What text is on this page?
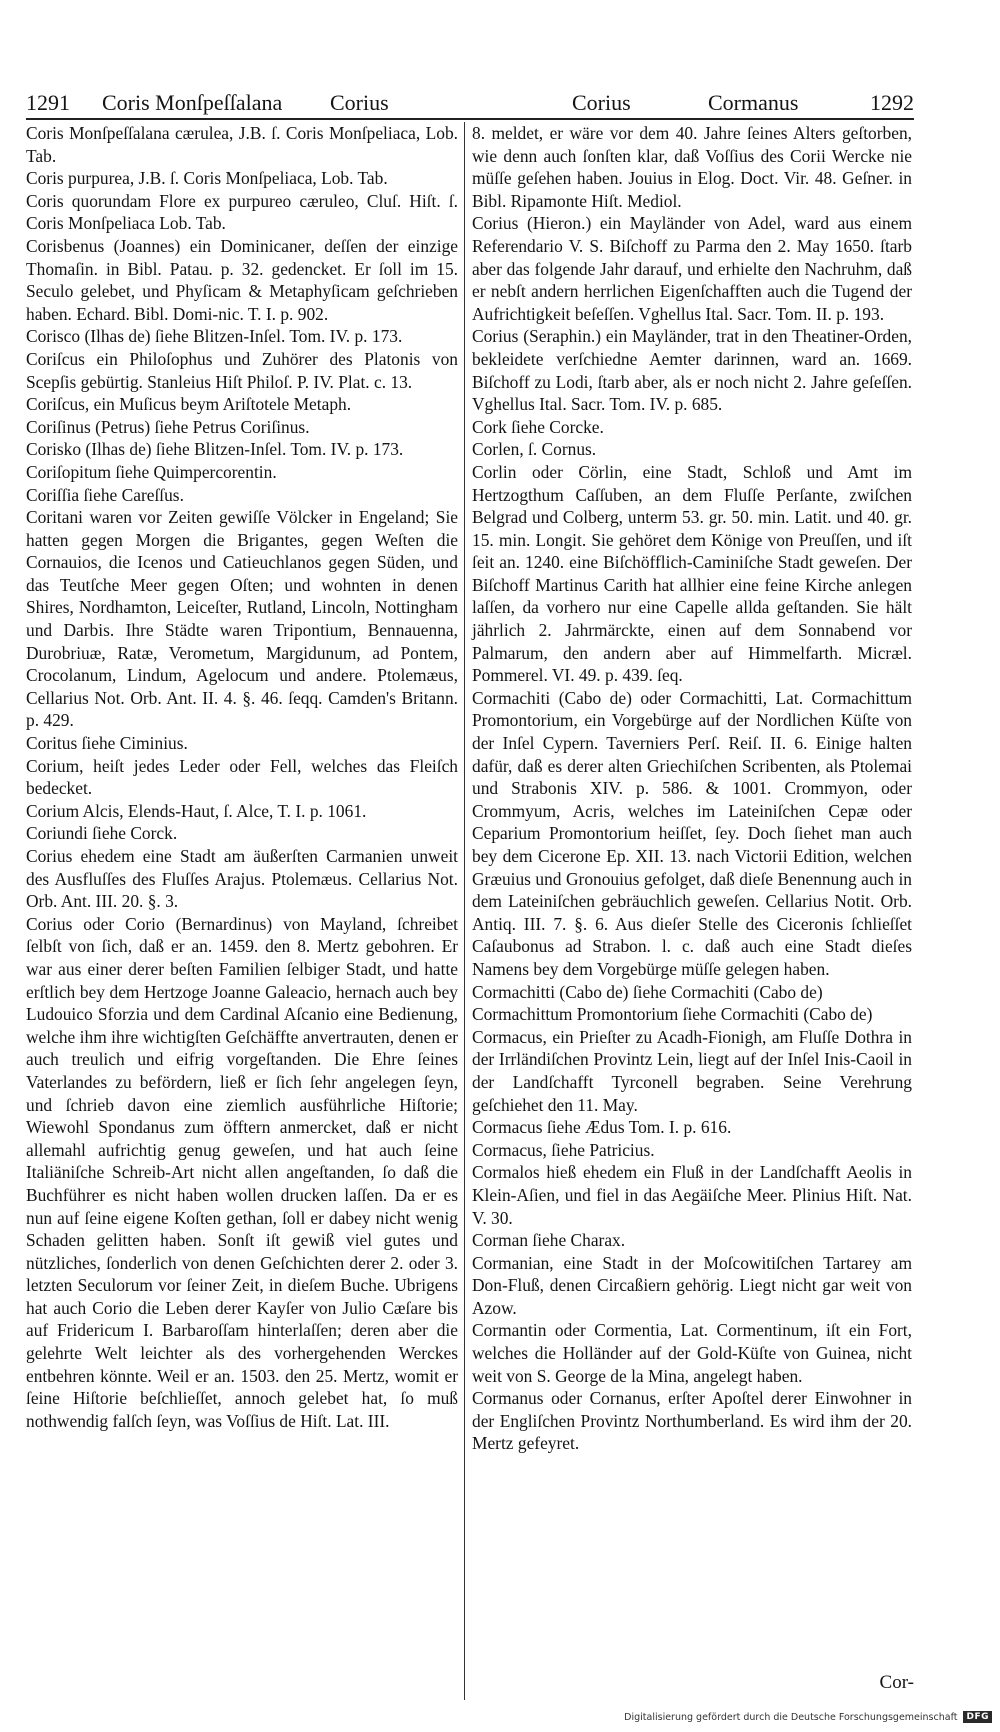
1291 Coris Monſpeſſalana Corius	Corius	Cormanus	1292

Coris Monſpeſſalana cærulea, J.B. ſ. Coris Monſpeliaca, Lob. Tab.

Coris purpurea, J.B. ſ. Coris Monſpeliaca, Lob. Tab.

Coris quorundam Flore ex purpureo cæruleo, Cluſ. Hiſt. ſ. Coris Monſpeliaca Lob. Tab.

Corisbenus (Joannes) ein Dominicaner, deſſen der einzige Thomaſin. in Bibl. Patau. p. 32. gedencket. Er ſoll im 15. Seculo gelebet, und Phyſicam & Metaphyſicam geſchrieben haben. Echard. Bibl. Domi-nic. T. I. p. 902.

Corisco (Ilhas de) ſiehe Blitzen-Inſel. Tom. IV. p. 173.

Coriſcus ein Philoſophus und Zuhörer des Platonis von Scepſis gebürtig. Stanleius Hiſt Philoſ. P. IV. Plat. c. 13.

Coriſcus, ein Muſicus beym Ariſtotele Metaph.

Coriſinus (Petrus) ſiehe Petrus Coriſinus.

Corisko (Ilhas de) ſiehe Blitzen-Inſel. Tom. IV. p. 173.

Coriſopitum ſiehe Quimpercorentin.

Coriſſia ſiehe Careſſus.

Coritani waren vor Zeiten gewiſſe Völcker in Engeland; Sie hatten gegen Morgen die Brigantes, gegen Weſten die Cornauios, die Icenos und Catieuchlanos gegen Süden, und das Teutſche Meer gegen Oſten; und wohnten in denen Shires, Nordhamton, Leiceſter, Rutland, Lincoln, Nottingham und Darbis. Ihre Städte waren Tripontium, Bennauenna, Durobriuæ, Ratæ, Verometum, Margidunum, ad Pontem, Crocolanum, Lindum, Agelocum und andere. Ptolemæus, Cellarius Not. Orb. Ant. II. 4. §. 46. ſeqq. Camden's Britann. p. 429.

Coritus ſiehe Ciminius.

Corium, heiſt jedes Leder oder Fell, welches das Fleiſch bedecket.

Corium Alcis, Elends-Haut, ſ. Alce, T. I. p. 1061.

Coriundi ſiehe Corck.

Corius ehedem eine Stadt am äußerſten Carmanien unweit des Ausfluſſes des Fluſſes Arajus. Ptolemæus. Cellarius Not. Orb. Ant. III. 20. §. 3.

Corius oder Corio (Bernardinus) von Mayland, ſchreibet ſelbſt von ſich, daß er an. 1459. den 8. Mertz gebohren. Er war aus einer derer beſten Familien ſelbiger Stadt, und hatte erſtlich bey dem Hertzoge Joanne Galeacio, hernach auch bey Ludouico Sforzia und dem Cardinal Aſcanio eine Bedienung, welche ihm ihre wichtigſten Geſchäffte anvertrauten, denen er auch treulich und eifrig vorgeſtanden. Die Ehre ſeines Vaterlandes zu befördern, ließ er ſich ſehr angelegen ſeyn, und ſchrieb davon eine ziemlich ausführliche Hiſtorie; Wiewohl Spondanus zum öfftern anmercket, daß er nicht allemahl aufrichtig genug geweſen, und hat auch ſeine Italiäniſche Schreib-Art nicht allen angeſtanden, ſo daß die Buchführer es nicht haben wollen drucken laſſen. Da er es nun auf ſeine eigene Koſten gethan, ſoll er dabey nicht wenig Schaden gelitten haben. Sonſt iſt gewiß viel gutes und nützliches, ſonderlich von denen Geſchichten derer 2. oder 3. letzten Seculorum vor ſeiner Zeit, in dieſem Buche. Ubrigens hat auch Corio die Leben derer Kayſer von Julio Cæſare bis auf Fridericum I. Barbaroſſam hinterlaſſen; deren aber die gelehrte Welt leichter als des vorhergehenden Werckes entbehren könnte. Weil er an. 1503. den 25. Mertz, womit er ſeine Hiſtorie beſchlieſſet, annoch gelebet hat, ſo muß nothwendig falſch ſeyn, was Voſſius de Hiſt. Lat. III.

8. meldet, er wäre vor dem 40. Jahre ſeines Alters geſtorben, wie denn auch ſonſten klar, daß Voſſius des Corii Wercke nie müſſe geſehen haben. Jouius in Elog. Doct. Vir. 48. Geſner. in Bibl. Ripamonte Hiſt. Mediol.

Corius (Hieron.) ein Mayländer von Adel, ward aus einem Referendario V. S. Biſchoff zu Parma den 2. May 1650. ſtarb aber das folgende Jahr darauf, und erhielte den Nachruhm, daß er nebſt andern herrlichen Eigenſchafften auch die Tugend der Aufrichtigkeit beſeſſen. Vghellus Ital. Sacr. Tom. II. p. 193.

Corius (Seraphin.) ein Mayländer, trat in den Theatiner-Orden, bekleidete verſchiedne Aemter darinnen, ward an. 1669. Biſchoff zu Lodi, ſtarb aber, als er noch nicht 2. Jahre geſeſſen. Vghellus Ital. Sacr. Tom. IV. p. 685.

Cork ſiehe Corcke.

Corlen, ſ. Cornus.

Corlin oder Cörlin, eine Stadt, Schloß und Amt im Hertzogthum Caſſuben, an dem Fluſſe Perſante, zwiſchen Belgrad und Colberg, unterm 53. gr. 50. min. Latit. und 40. gr. 15. min. Longit. Sie gehöret dem Könige von Preuſſen, und iſt ſeit an. 1240. eine Biſchöfflich-Caminiſche Stadt geweſen. Der Biſchoff Martinus Carith hat allhier eine feine Kirche anlegen laſſen, da vorhero nur eine Capelle allda geſtanden. Sie hält jährlich 2. Jahrmärckte, einen auf dem Sonnabend vor Palmarum, den andern aber auf Himmelfarth. Micræl. Pommerel. VI. 49. p. 439. ſeq.

Cormachiti (Cabo de) oder Cormachitti, Lat. Cormachittum Promontorium, ein Vorgebürge auf der Nordlichen Küſte von der Inſel Cypern. Taverniers Perſ. Reiſ. II. 6. Einige halten dafür, daß es derer alten Griechiſchen Scribenten, als Ptolemai und Strabonis XIV. p. 586. & 1001. Crommyon, oder Crommyum, Acris, welches im Lateiniſchen Cepæ oder Ceparium Promontorium heiſſet, ſey. Doch ſiehet man auch bey dem Cicerone Ep. XII. 13. nach Victorii Edition, welchen Græuius und Gronouius gefolget, daß dieſe Benennung auch in dem Lateiniſchen gebräuchlich geweſen. Cellarius Notit. Orb. Antiq. III. 7. §. 6. Aus dieſer Stelle des Ciceronis ſchlieſſet Caſaubonus ad Strabon. l. c. daß auch eine Stadt dieſes Namens bey dem Vorgebürge müſſe gelegen haben.

Cormachitti (Cabo de) ſiehe Cormachiti (Cabo de)

Cormachittum Promontorium ſiehe Cormachiti (Cabo de)

Cormacus, ein Prieſter zu Acadh-Fionigh, am Fluſſe Dothra in der Irrländiſchen Provintz Lein, liegt auf der Inſel Inis-Caoil in der Landſchafft Tyrconell begraben. Seine Verehrung geſchiehet den 11. May.

Cormacus ſiehe Ædus Tom. I. p. 616.

Cormacus, ſiehe Patricius.

Cormalos hieß ehedem ein Fluß in der Landſchafft Aeolis in Klein-Aſien, und fiel in das Aegäiſche Meer. Plinius Hiſt. Nat. V. 30.

Corman ſiehe Charax.

Cormanian, eine Stadt in der Moſcowitiſchen Tartarey am Don-Fluß, denen Circaßiern gehörig. Liegt nicht gar weit von Azow.

Cormantin oder Cormentia, Lat. Cormentinum, iſt ein Fort, welches die Holländer auf der Gold-Küſte von Guinea, nicht weit von S. George de la Mina, angelegt haben.

Cormanus oder Cornanus, erſter Apoſtel derer Einwohner in der Engliſchen Provintz Northumberland. Es wird ihm der 20. Mertz gefeyret.

Cor-
Digitalisierung gefördert durch die Deutsche Forschungsgemeinschaft	DFG
